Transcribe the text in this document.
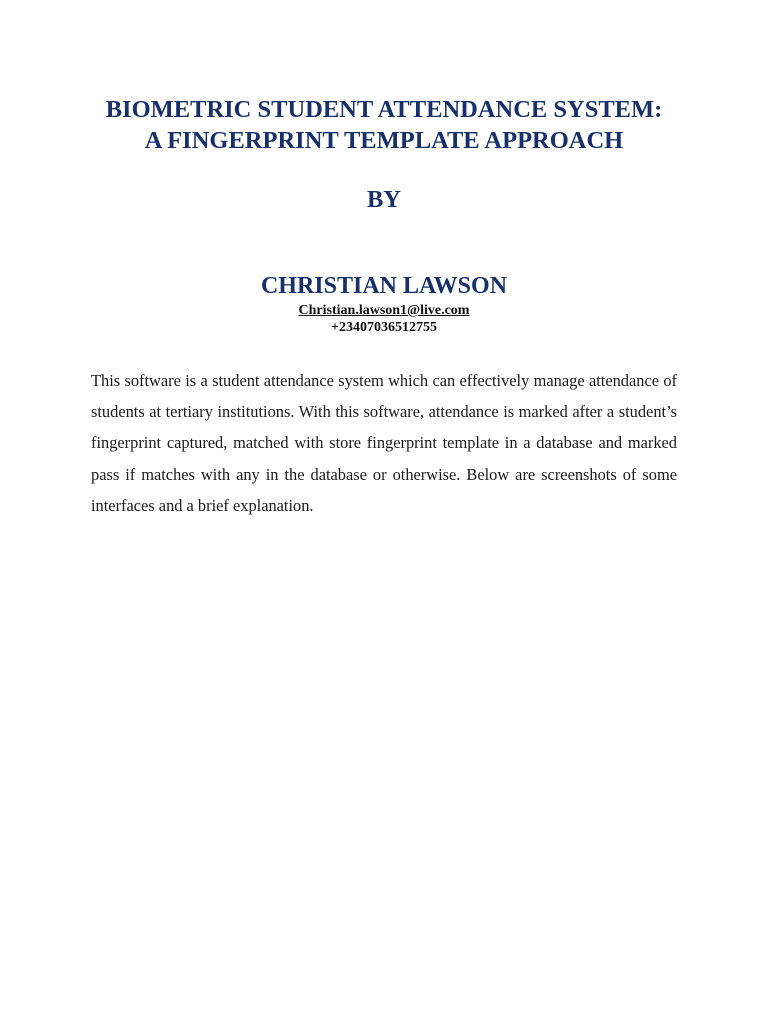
BIOMETRIC STUDENT ATTENDANCE SYSTEM:
A FINGERPRINT TEMPLATE APPROACH
BY
CHRISTIAN LAWSON
Christian.lawson1@live.com
+23407036512755

This software is a student attendance system which can effectively manage attendance of students at tertiary institutions. With this software, attendance is marked after a student’s fingerprint captured, matched with store fingerprint template in a database and marked pass if matches with any in the database or otherwise. Below are screenshots of some interfaces and a brief explanation.
